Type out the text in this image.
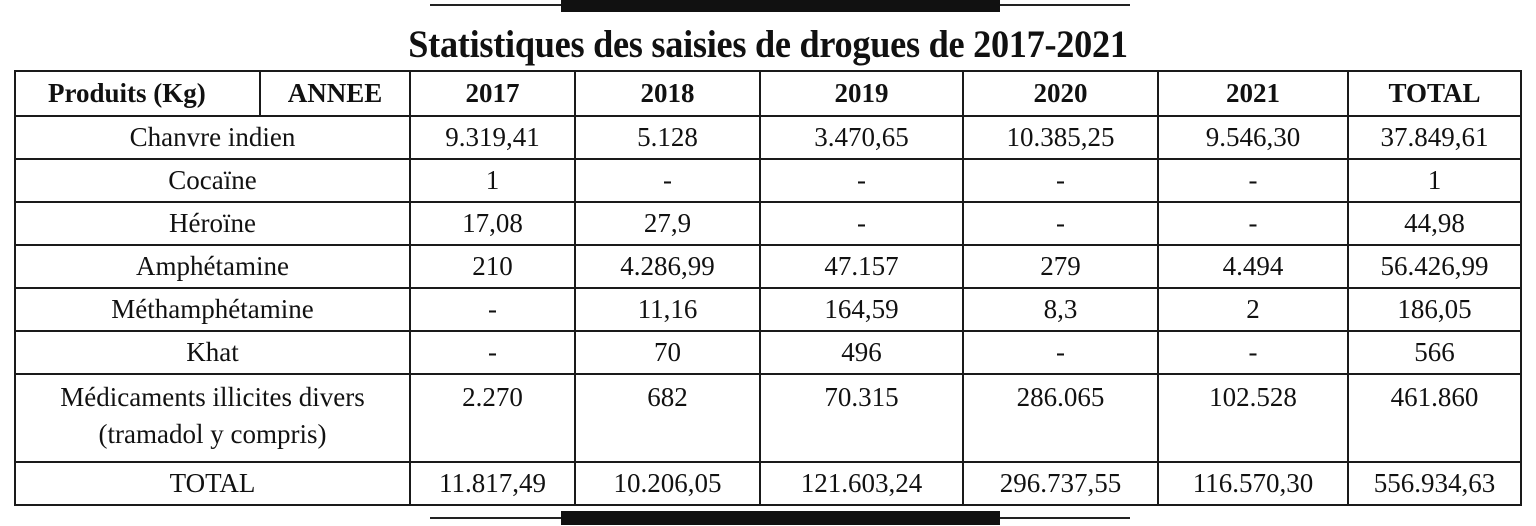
Statistiques des saisies de drogues de 2017-2021
Produits (Kg)	ANNEE	2017	2018	2019	2020	2021	TOTAL
Chanvre indien		9.319,41	5.128	3.470,65	10.385,25	9.546,30	37.849,61
Cocaïne		1	-	-	-	-	1
Héroïne		17,08	27,9	-	-	-	44,98
Amphétamine		210	4.286,99	47.157	279	4.494	56.426,99
Méthamphétamine		-	11,16	164,59	8,3	2	186,05
Khat		-	70	496	-	-	566

Médicaments illicites divers
(tramadol y compris)		2.270	682	70.315	286.065	102.528	461.860
TOTAL		11.817,49	10.206,05	121.603,24	296.737,55	116.570,30	556.934,63
